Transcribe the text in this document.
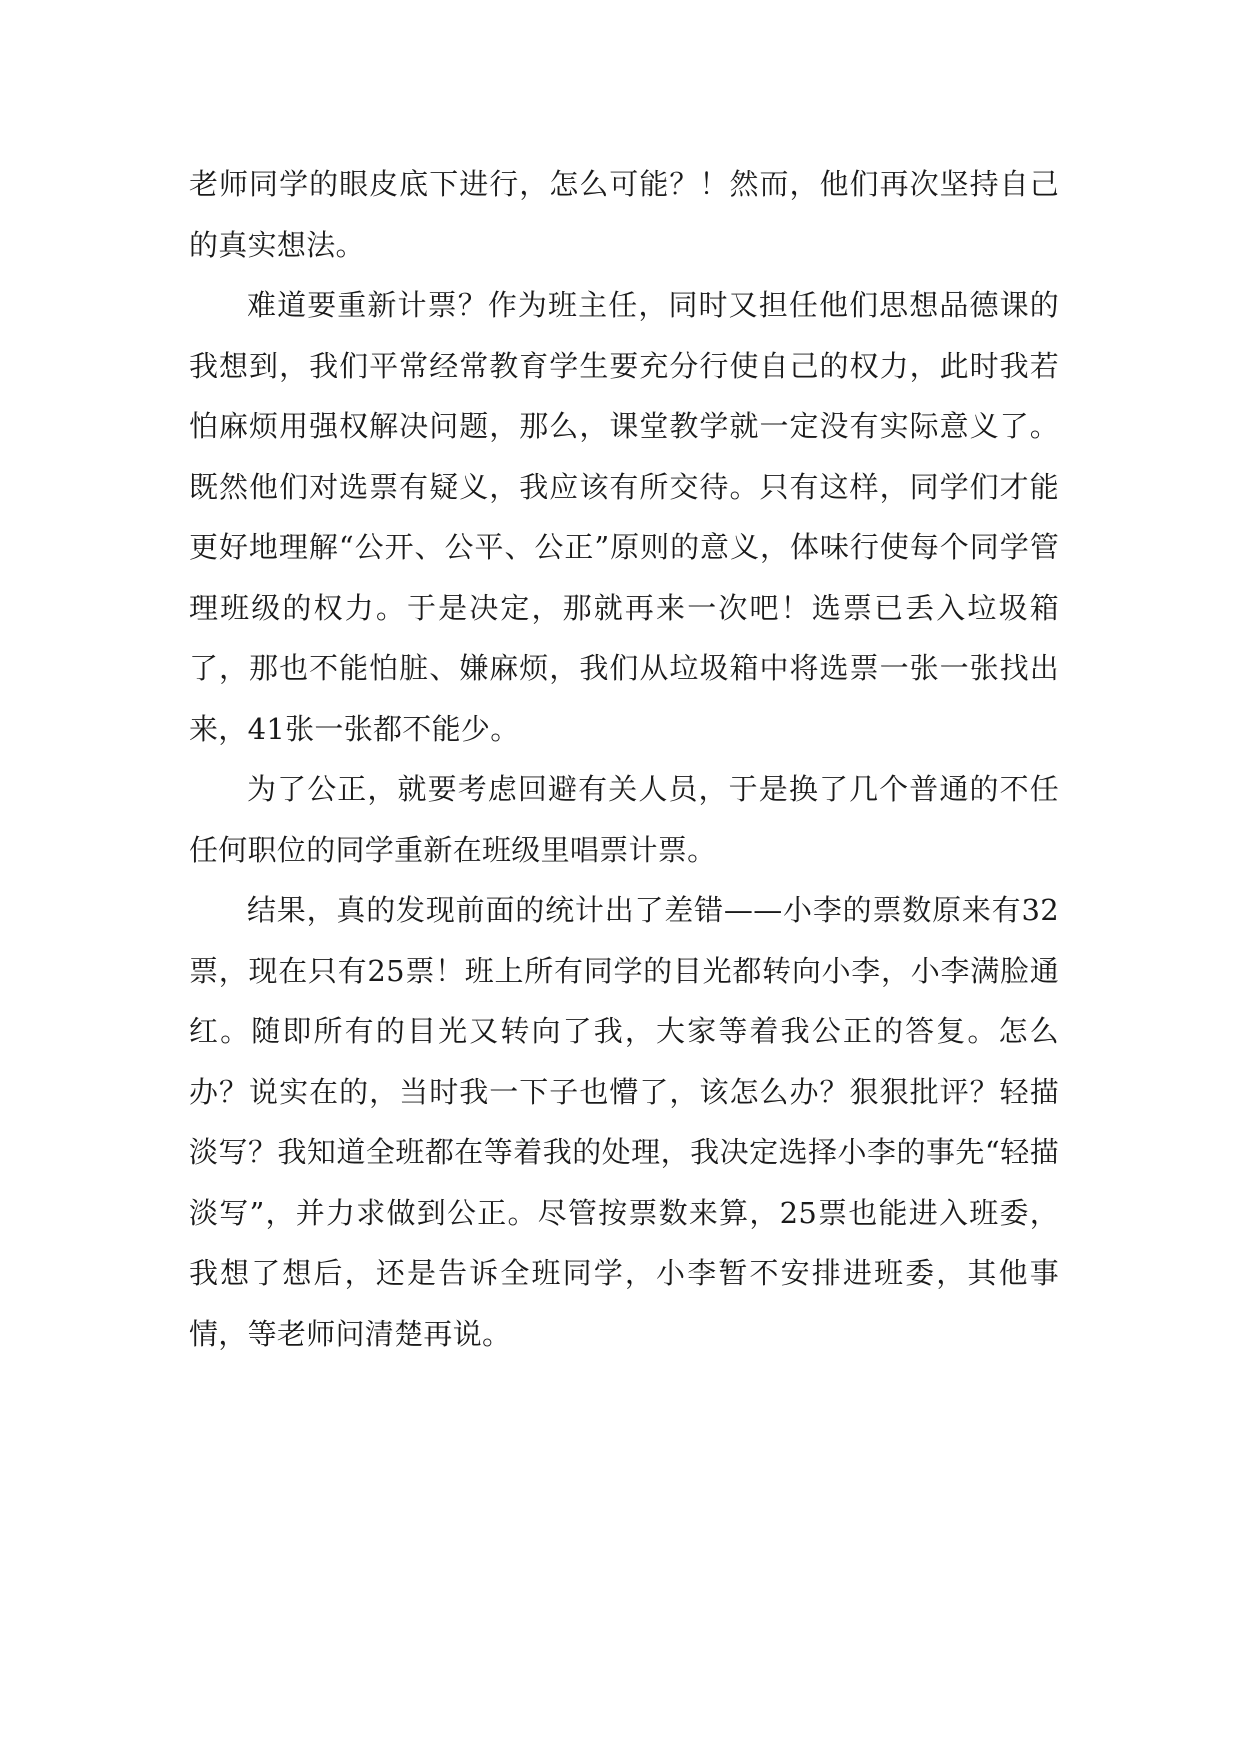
老师同学的眼皮底下进行，怎么可能？！然而，他们再次坚持自己的真实想法。

难道要重新计票？作为班主任，同时又担任他们思想品德课的我想到，我们平常经常教育学生要充分行使自己的权力，此时我若怕麻烦用强权解决问题，那么，课堂教学就一定没有实际意义了。既然他们对选票有疑义，我应该有所交待。只有这样，同学们才能更好地理解“公开、公平、公正”原则的意义，体味行使每个同学管理班级的权力。于是决定，那就再来一次吧！选票已丢入垃圾箱了，那也不能怕脏、嫌麻烦，我们从垃圾箱中将选票一张一张找出来，41张一张都不能少。

为了公正，就要考虑回避有关人员，于是换了几个普通的不任任何职位的同学重新在班级里唱票计票。

结果，真的发现前面的统计出了差错——小李的票数原来有32票，现在只有25票！班上所有同学的目光都转向小李，小李满脸通红。随即所有的目光又转向了我，大家等着我公正的答复。怎么办？说实在的，当时我一下子也懵了，该怎么办？狠狠批评？轻描淡写？我知道全班都在等着我的处理，我决定选择小李的事先“轻描淡写”，并力求做到公正。尽管按票数来算，25票也能进入班委，我想了想后，还是告诉全班同学，小李暂不安排进班委，其他事情，等老师问清楚再说。
